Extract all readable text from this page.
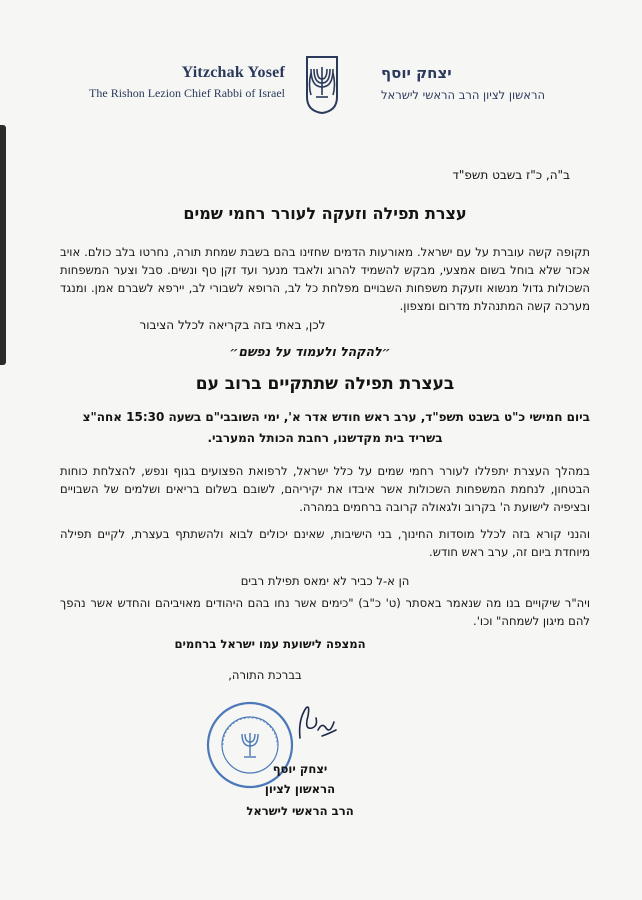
Yitzchak Yosef
The Rishon Lezion Chief Rabbi of Israel
יצחק יוסף
הראשון לציון הרב הראשי לישראל
ב"ה, כ"ז בשבט תשפ"ד
עצרת תפילה וזעקה לעורר רחמי שמים
תקופה קשה עוברת על עם ישראל. מאורעות הדמים שחזינו בהם בשבת שמחת תורה, נחרטו בלב כולם. אויב אכזר שלא בוחל בשום אמצעי, מבקש להשמיד להרוג ולאבד מנער ועד זקן טף ונשים. סבל וצער המשפחות השכולות גדול מנשוא וזעקת משפחות השבויים מפלחת כל לב, הרופא לשבורי לב, יירפא לשברם אמן. ומנגד מערכה קשה המתנהלת מדרום ומצפון.
לכן, באתי בזה בקריאה לכלל הציבור
״להקהל ולעמוד על נפשם״
בעצרת תפילה שתתקיים ברוב עם
ביום חמישי כ"ט בשבט תשפ"ד, ערב ראש חודש אדר א', ימי השובבי"ם בשעה 15:30 אחה"צ
בשריד בית מקדשנו, רחבת הכותל המערבי.
במהלך העצרת יתפללו לעורר רחמי שמים על כלל ישראל, לרפואת הפצועים בגוף ונפש, להצלחת כוחות הבטחון, לנחמת המשפחות השכולות אשר איבדו את יקיריהם, לשובם בשלום בריאים ושלמים של השבויים ובציפיה לישועת ה' בקרוב ולגאולה קרובה ברחמים במהרה.
והנני קורא בזה לכלל מוסדות החינוך, בני הישיבות, שאינם יכולים לבוא ולהשתתף בעצרת, לקיים תפילה מיוחדת ביום זה, ערב ראש חודש.
הן א-ל כביר לא ימאס תפילת רבים
ויה"ר שיקויים בנו מה שנאמר באסתר (ט' כ"ב) "כימים אשר נחו בהם היהודים מאויביהם והחדש אשר נהפך להם מיגון לשמחה" וכו'.
המצפה לישועת עמו ישראל ברחמים
בברכת התורה,
יצחק יוסף
הראשון לציון
הרב הראשי לישראל
